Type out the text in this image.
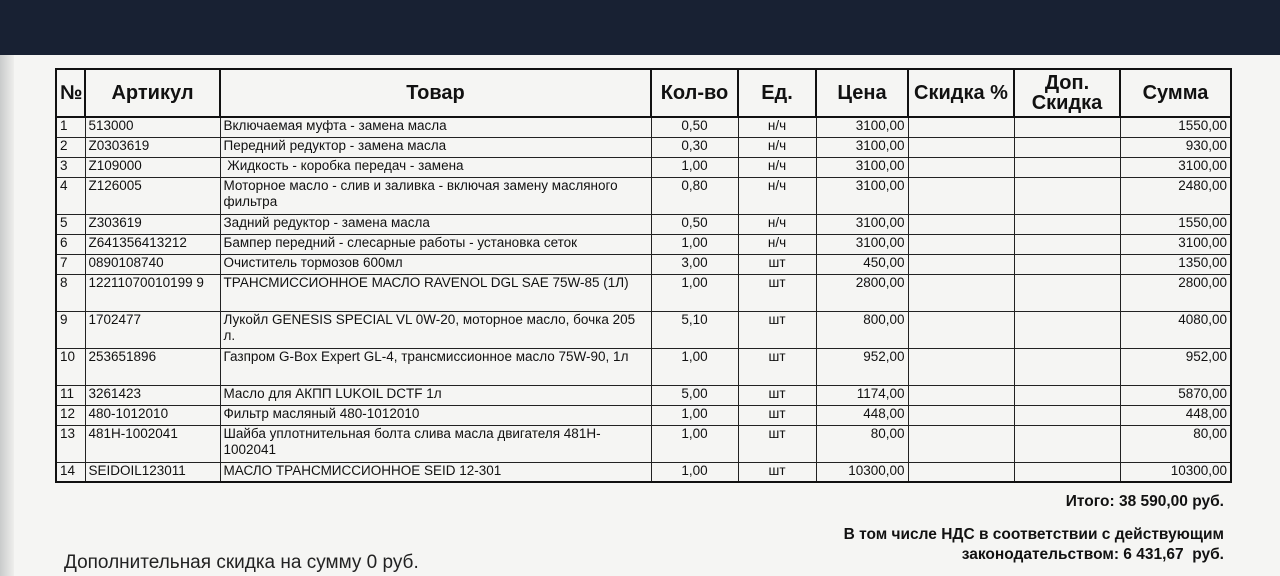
№	Артикул	Товар	Кол-во	Ед.	Цена	Скидка %	Доп. Скидка	Сумма
1	513000	Включаемая муфта - замена масла	0,50	н/ч	3100,00			1550,00
2	Z0303619	Передний редуктор - замена масла	0,30	н/ч	3100,00			930,00
3	Z109000	Жидкость - коробка передач - замена	1,00	н/ч	3100,00			3100,00
4	Z126005	Моторное масло - слив и заливка - включая замену масляного фильтра	0,80	н/ч	3100,00			2480,00
5	Z303619	Задний редуктор - замена масла	0,50	н/ч	3100,00			1550,00
6	Z641356413212	Бампер передний - слесарные работы - установка сеток	1,00	н/ч	3100,00			3100,00
7	0890108740	Очиститель тормозов 600мл	3,00	шт	450,00			1350,00
8	12211070010199 9	ТРАНСМИССИОННОЕ МАСЛО RAVENOL DGL SAE 75W-85 (1Л)	1,00	шт	2800,00			2800,00
9	1702477	Лукойл GENESIS SPECIAL VL 0W-20, моторное масло, бочка 205 л.	5,10	шт	800,00			4080,00
10	253651896	Газпром G-Box Expert GL-4, трансмиссионное масло 75W-90, 1л	1,00	шт	952,00			952,00
11	3261423	Масло для АКПП LUKOIL DCTF 1л	5,00	шт	1174,00			5870,00
12	480-1012010	Фильтр масляный 480-1012010	1,00	шт	448,00			448,00
13	481H-1002041	Шайба уплотнительная болта слива масла двигателя 481H-1002041	1,00	шт	80,00			80,00
14	SEIDOIL123011	МАСЛО ТРАНСМИССИОННОЕ SEID 12-301	1,00	шт	10300,00			10300,00
Итого: 38 590,00 руб.
В том числе НДС в соответствии с действующим
законодательством: 6 431,67  руб.
Дополнительная скидка на сумму 0 руб.
